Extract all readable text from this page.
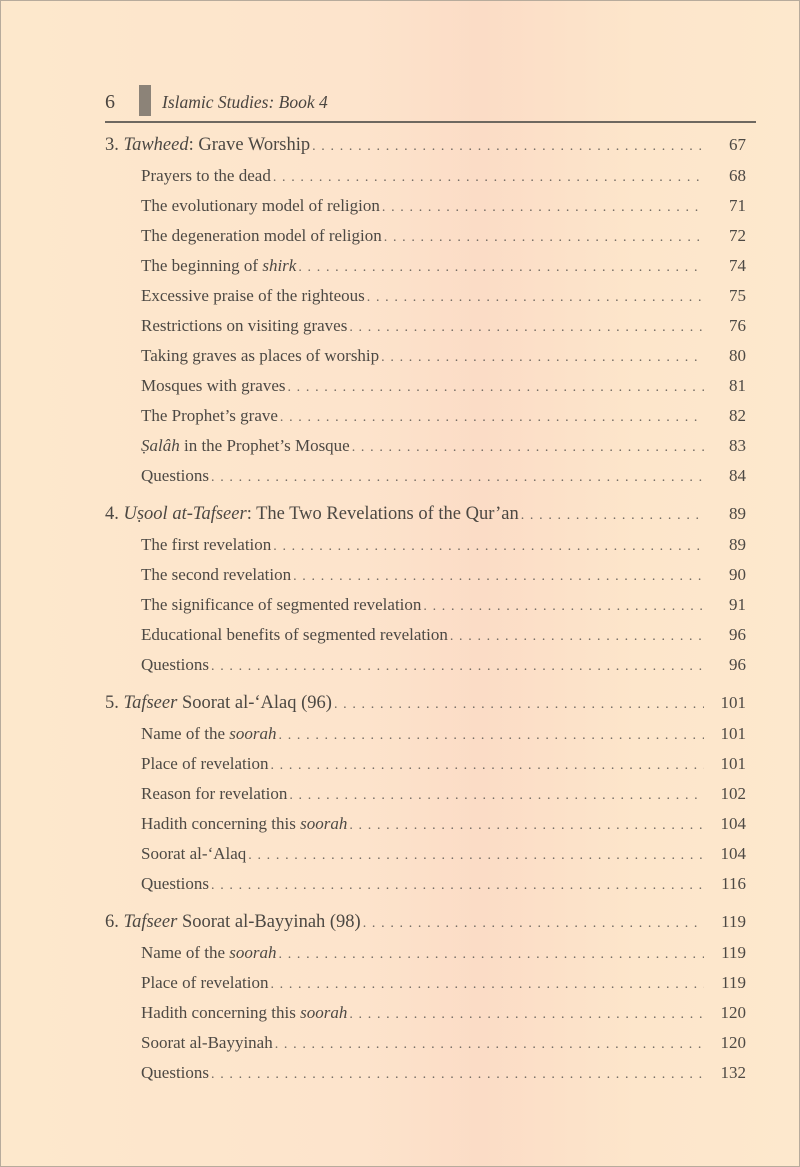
6	Islamic Studies: Book 4
3. Tawheed: Grave Worship . . .	67
Prayers to the dead . . .	68
The evolutionary model of religion . . .	71
The degeneration model of religion . . .	72
The beginning of shirk . . .	74
Excessive praise of the righteous . . .	75
Restrictions on visiting graves . . .	76
Taking graves as places of worship . . .	80
Mosques with graves . . .	81
The Prophet’s grave . . .	82
Ṣalâh in the Prophet’s Mosque . . .	83
Questions . . .	84
4. Uṣool at-Tafseer: The Two Revelations of the Qur’an . . .	89
The first revelation . . .	89
The second revelation . . .	90
The significance of segmented revelation . . .	91
Educational benefits of segmented revelation . . .	96
Questions . . .	96
5. Tafseer Soorat al-‘Alaq (96) . . .	101
Name of the soorah . . .	101
Place of revelation . . .	101
Reason for revelation . . .	102
Hadith concerning this soorah . . .	104
Soorat al-‘Alaq . . .	104
Questions . . .	116
6. Tafseer Soorat al-Bayyinah (98) . . .	119
Name of the soorah . . .	119
Place of revelation . . .	119
Hadith concerning this soorah . . .	120
Soorat al-Bayyinah . . .	120
Questions . . .	132
